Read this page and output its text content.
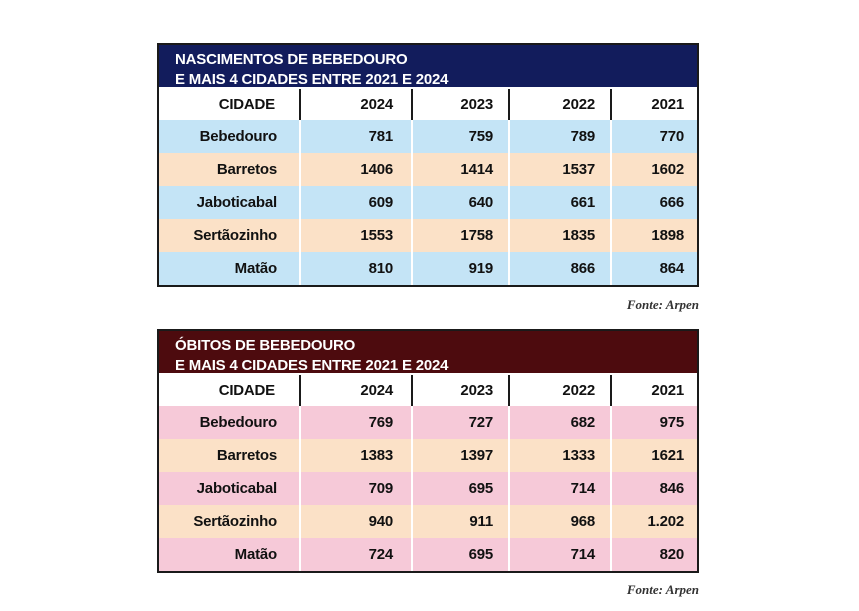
NASCIMENTOS DE BEBEDOURO
E MAIS 4 CIDADES ENTRE 2021 E 2024
CIDADE	2024	2023	2022	2021
Bebedouro	781	759	789	770
Barretos	1406	1414	1537	1602
Jaboticabal	609	640	661	666
Sertãozinho	1553	1758	1835	1898
Matão	810	919	866	864
Fonte: Arpen
ÓBITOS DE BEBEDOURO
E MAIS 4 CIDADES ENTRE 2021 E 2024
CIDADE	2024	2023	2022	2021
Bebedouro	769	727	682	975
Barretos	1383	1397	1333	1621
Jaboticabal	709	695	714	846
Sertãozinho	940	911	968	1.202
Matão	724	695	714	820
Fonte: Arpen
